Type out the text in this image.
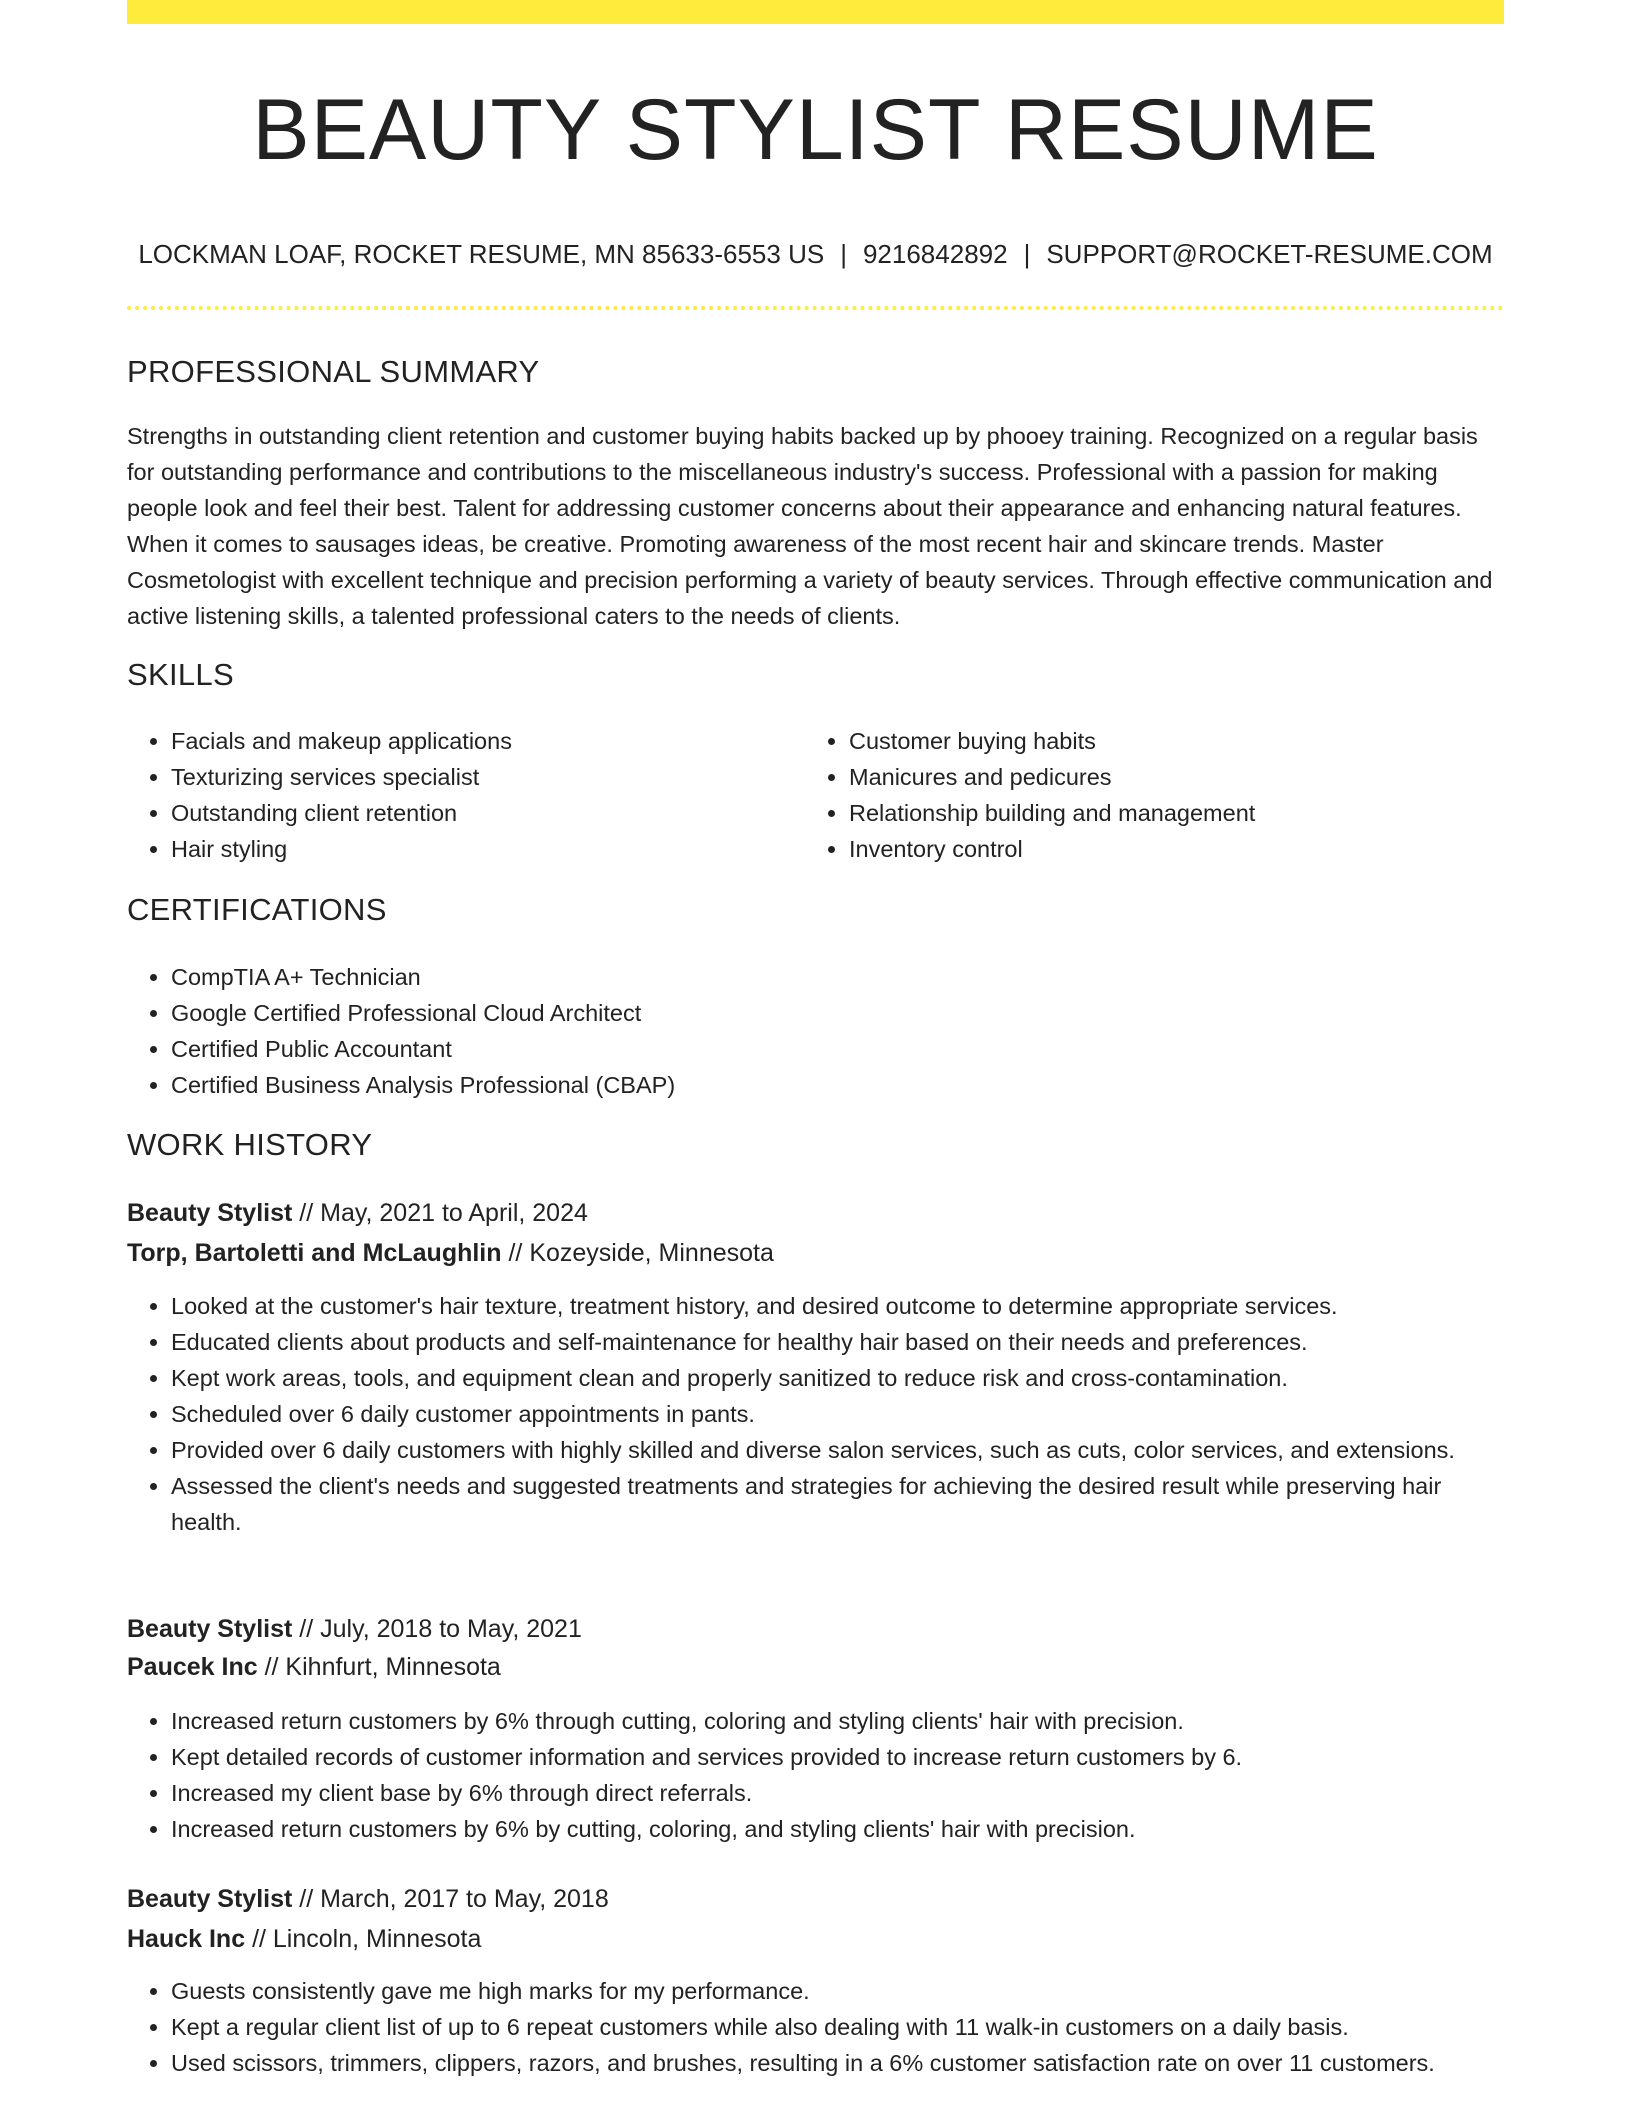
BEAUTY STYLIST RESUME
LOCKMAN LOAF, ROCKET RESUME, MN 85633-6553 US | 9216842892 | SUPPORT@ROCKET-RESUME.COM
PROFESSIONAL SUMMARY

Strengths in outstanding client retention and customer buying habits backed up by phooey training. Recognized on a regular basis for outstanding performance and contributions to the miscellaneous industry's success. Professional with a passion for making people look and feel their best. Talent for addressing customer concerns about their appearance and enhancing natural features. When it comes to sausages ideas, be creative. Promoting awareness of the most recent hair and skincare trends. Master Cosmetologist with excellent technique and precision performing a variety of beauty services. Through effective communication and active listening skills, a talented professional caters to the needs of clients.

SKILLS
• Facials and makeup applications
• Texturizing services specialist
• Outstanding client retention
• Hair styling
• Customer buying habits
• Manicures and pedicures
• Relationship building and management
• Inventory control
CERTIFICATIONS
• CompTIA A+ Technician
• Google Certified Professional Cloud Architect
• Certified Public Accountant
• Certified Business Analysis Professional (CBAP)
WORK HISTORY
Beauty Stylist // May, 2021 to April, 2024
Torp, Bartoletti and McLaughlin // Kozeyside, Minnesota
• Looked at the customer's hair texture, treatment history, and desired outcome to determine appropriate services.
• Educated clients about products and self-maintenance for healthy hair based on their needs and preferences.
• Kept work areas, tools, and equipment clean and properly sanitized to reduce risk and cross-contamination.
• Scheduled over 6 daily customer appointments in pants.
• Provided over 6 daily customers with highly skilled and diverse salon services, such as cuts, color services, and extensions.
• Assessed the client's needs and suggested treatments and strategies for achieving the desired result while preserving hair health.
Beauty Stylist // July, 2018 to May, 2021
Paucek Inc // Kihnfurt, Minnesota
• Increased return customers by 6% through cutting, coloring and styling clients' hair with precision.
• Kept detailed records of customer information and services provided to increase return customers by 6.
• Increased my client base by 6% through direct referrals.
• Increased return customers by 6% by cutting, coloring, and styling clients' hair with precision.
Beauty Stylist // March, 2017 to May, 2018
Hauck Inc // Lincoln, Minnesota
• Guests consistently gave me high marks for my performance.
• Kept a regular client list of up to 6 repeat customers while also dealing with 11 walk-in customers on a daily basis.
• Used scissors, trimmers, clippers, razors, and brushes, resulting in a 6% customer satisfaction rate on over 11 customers.
